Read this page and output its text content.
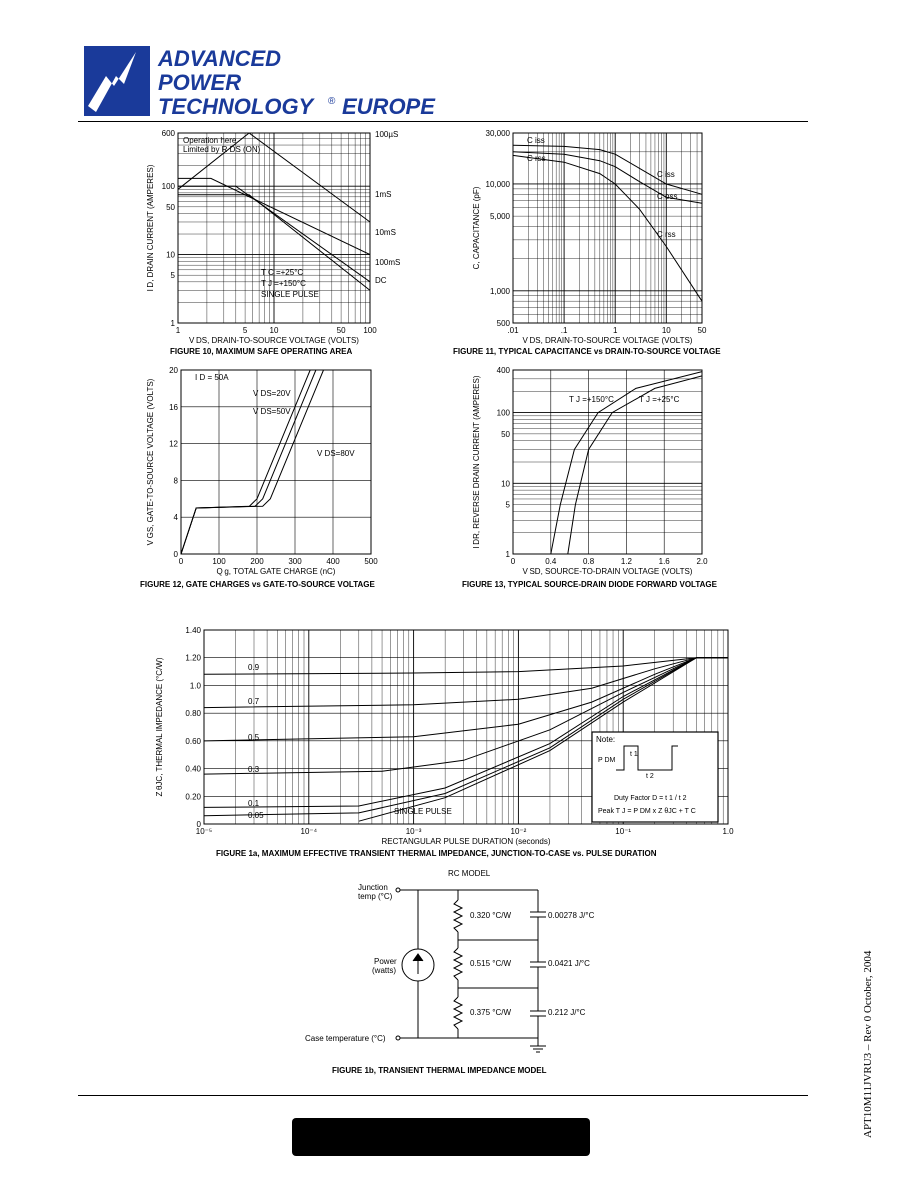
ADVANCED
POWER
TECHNOLOGY ® EUROPE
1	5	10	50 100
600
100
50
10
5
1
V DS, DRAIN-TO-SOURCE VOLTAGE (VOLTS)
I D, DRAIN CURRENT (AMPERES)
100µS
1mS
10mS
100mS
DC
Operation here
Limited by R DS (ON)
T C =+25°C
T J =+150°C
SINGLE PULSE
.01	.1	1	10	50
30,000
10,000
5,000
1,000
500
V DS, DRAIN-TO-SOURCE VOLTAGE (VOLTS)
C, CAPACITANCE (pF)
C iss
C rss
C iss
C oss
C rss
0	100	200	300	400	500
20
16
12
8
4
0
Q g, TOTAL GATE CHARGE (nC)
V GS, GATE-TO-SOURCE VOLTAGE (VOLTS)
I D = 50A
V DS=20V
V DS=50V
V DS=80V
0	0.4	0.8	1.2	1.6	2.0
400
100
50
10
5
1
V SD, SOURCE-TO-DRAIN VOLTAGE (VOLTS)
I DR, REVERSE DRAIN CURRENT (AMPERES)	T J =+150°C	T J =+25°C
10⁻⁵	10⁻⁴	10⁻³	10⁻²	10⁻¹	1.0
1.40
1.20
1.0
0.80
0.60
0.40
0.20
0
RECTANGULAR PULSE DURATION (seconds)
Z θJC, THERMAL IMPEDANCE (°C/W)	0.9
0.7
0.5
0.3
0.1
0.05	SINGLE PULSE
Note:
P DM
t 1
t 2
Duty Factor D = t 1 / t 2
Peak T J = P DM x Z θJC + T C
FIGURE 10, MAXIMUM SAFE OPERATING AREA	FIGURE 11, TYPICAL CAPACITANCE vs DRAIN-TO-SOURCE VOLTAGE
FIGURE 12, GATE CHARGES vs GATE-TO-SOURCE VOLTAGE	FIGURE 13, TYPICAL SOURCE-DRAIN DIODE FORWARD VOLTAGE
FIGURE 1a, MAXIMUM EFFECTIVE TRANSIENT THERMAL IMPEDANCE, JUNCTION-TO-CASE vs. PULSE DURATION
RC MODEL
Junction
temp (°C)
Power
(watts)
Case temperature (°C)
0.320 °C/W
0.515 °C/W
0.375 °C/W
0.00278 J/°C
0.0421 J/°C
0.212 J/°C
FIGURE 1b, TRANSIENT THERMAL IMPEDANCE MODEL	APT10M11JVRU3 – Rev 0 October, 2004
